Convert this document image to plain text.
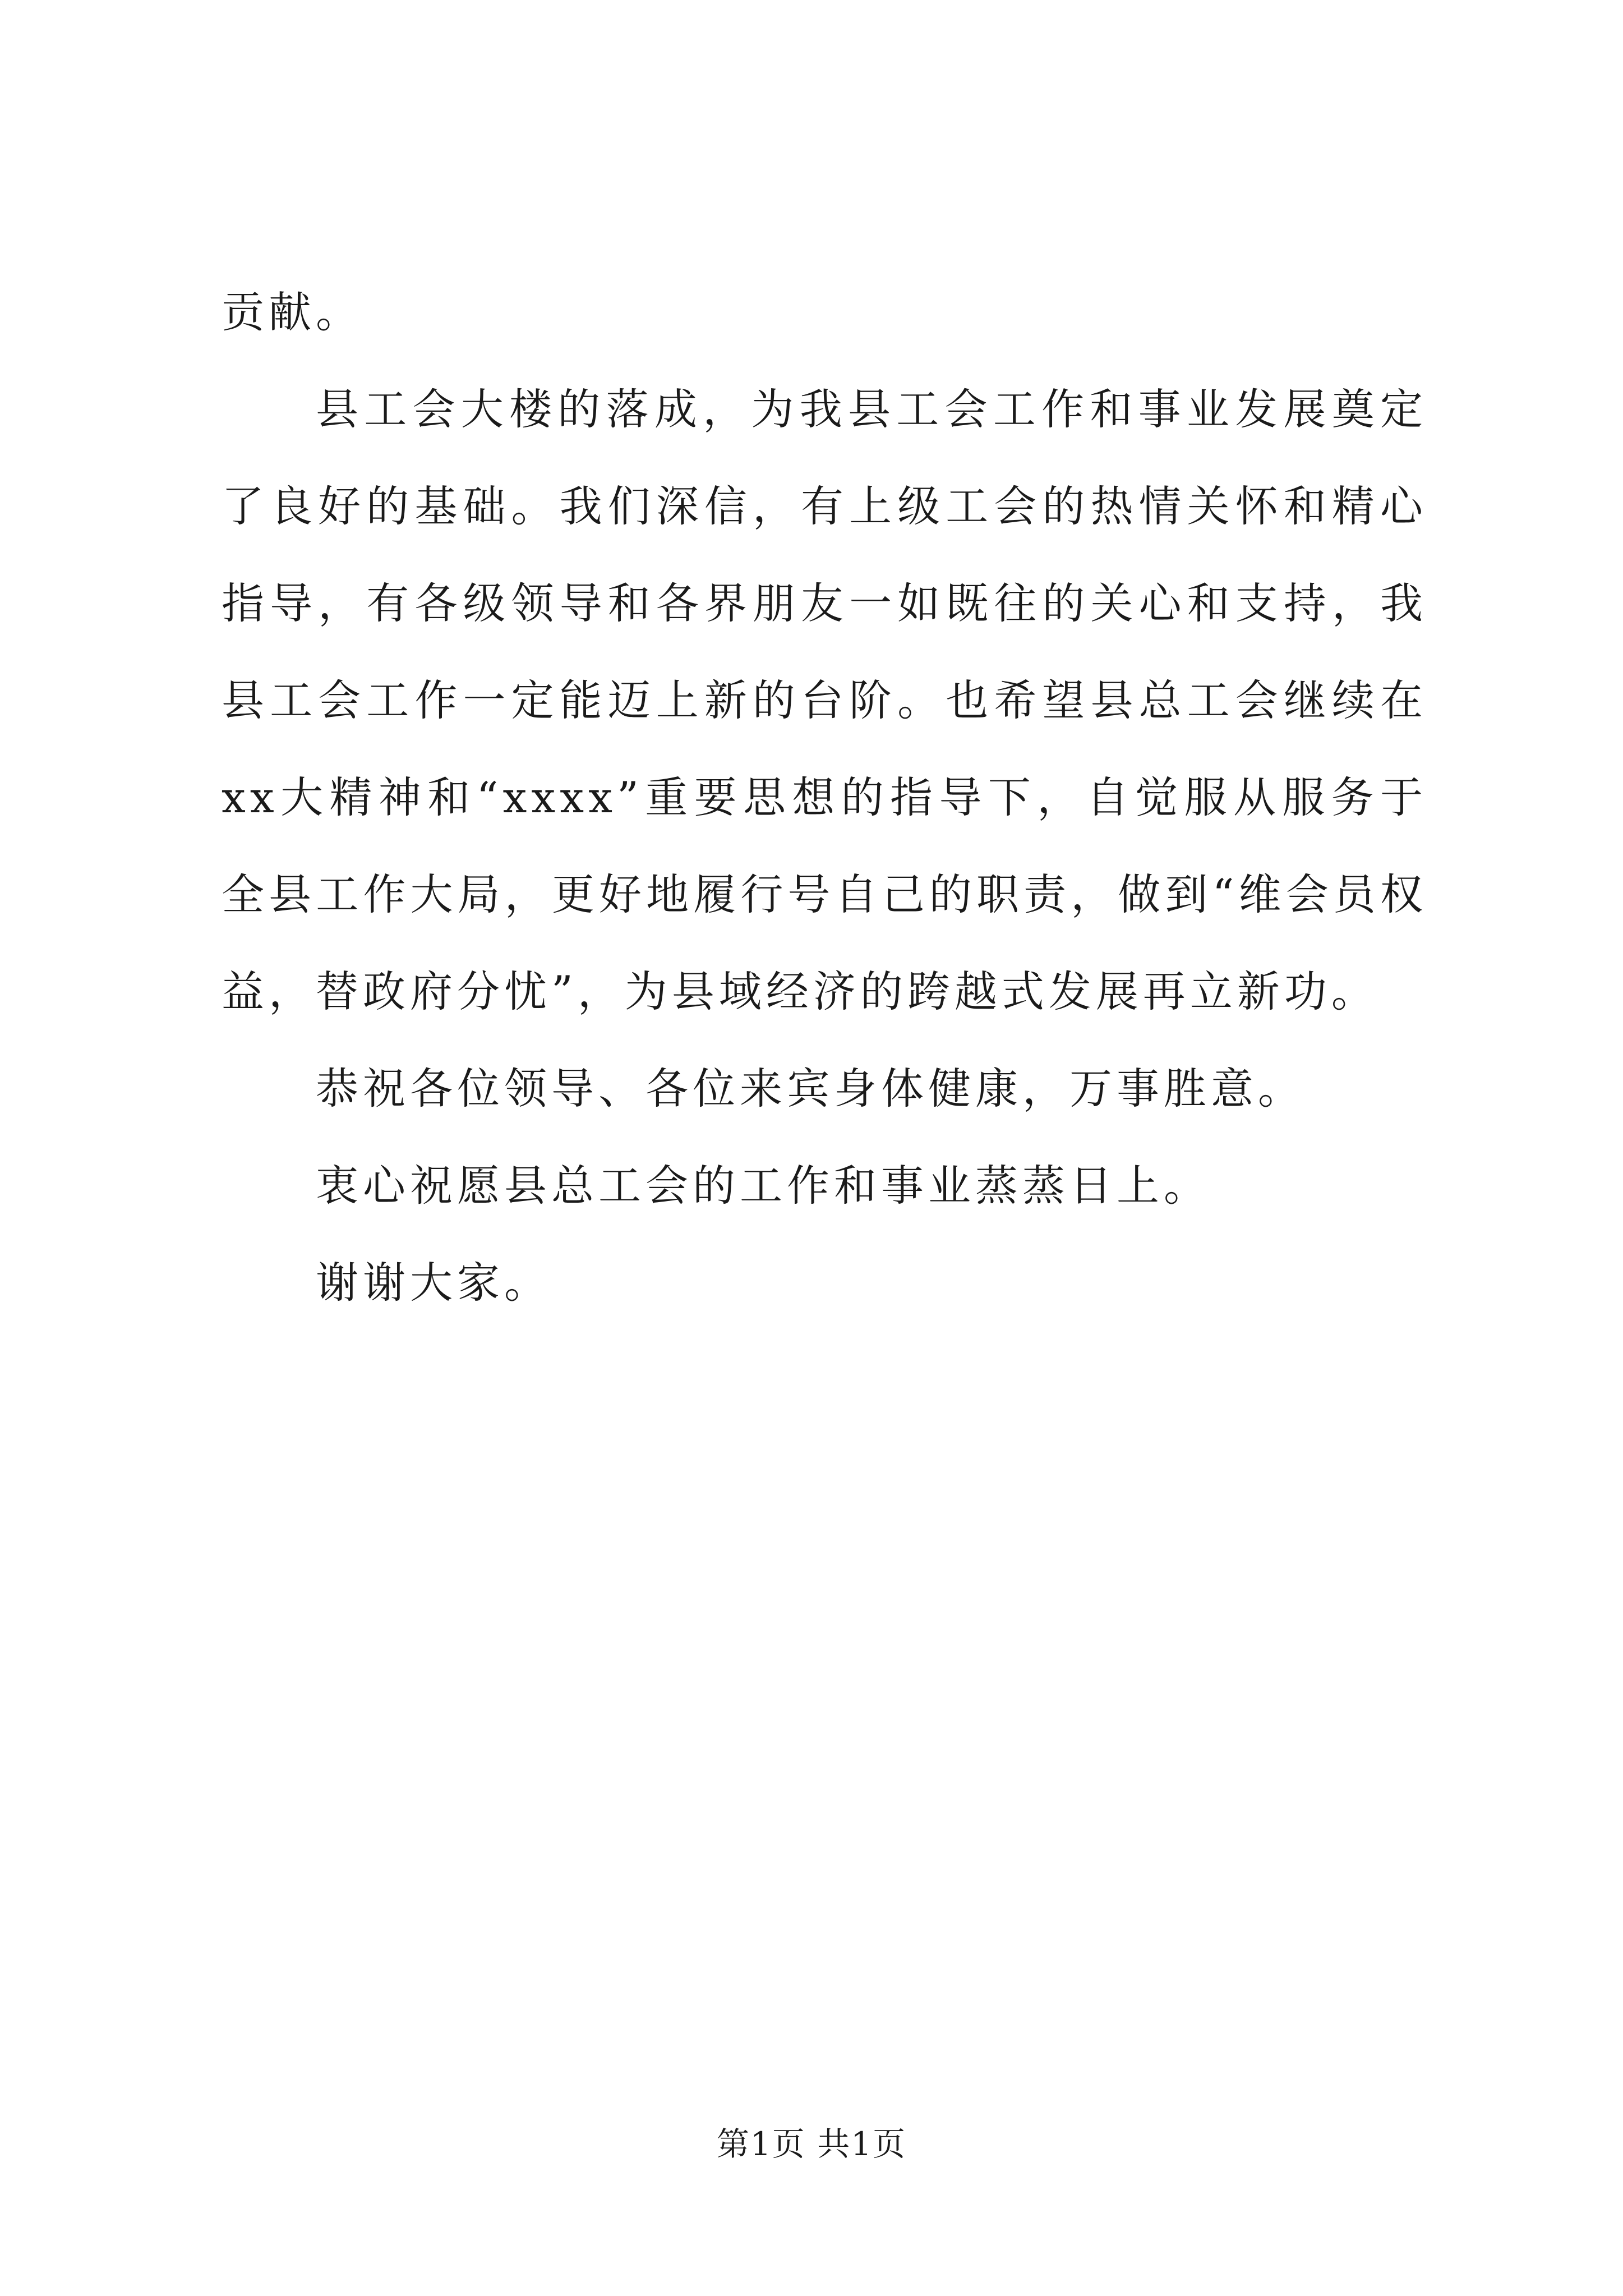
贡献。

县工会大楼的落成，为我县工会工作和事业发展奠定了良好的基础。我们深信，有上级工会的热情关怀和精心指导，有各级领导和各界朋友一如既往的关心和支持，我县工会工作一定能迈上新的台阶。也希望县总工会继续在xx大精神和“xxxx”重要思想的指导下，自觉服从服务于全县工作大局，更好地履行号自己的职责，做到“维会员权益，替政府分忧”，为县域经济的跨越式发展再立新功。

恭祝各位领导、各位来宾身体健康，万事胜意。

衷心祝愿县总工会的工作和事业蒸蒸日上。

谢谢大家。

第1页 共1页
